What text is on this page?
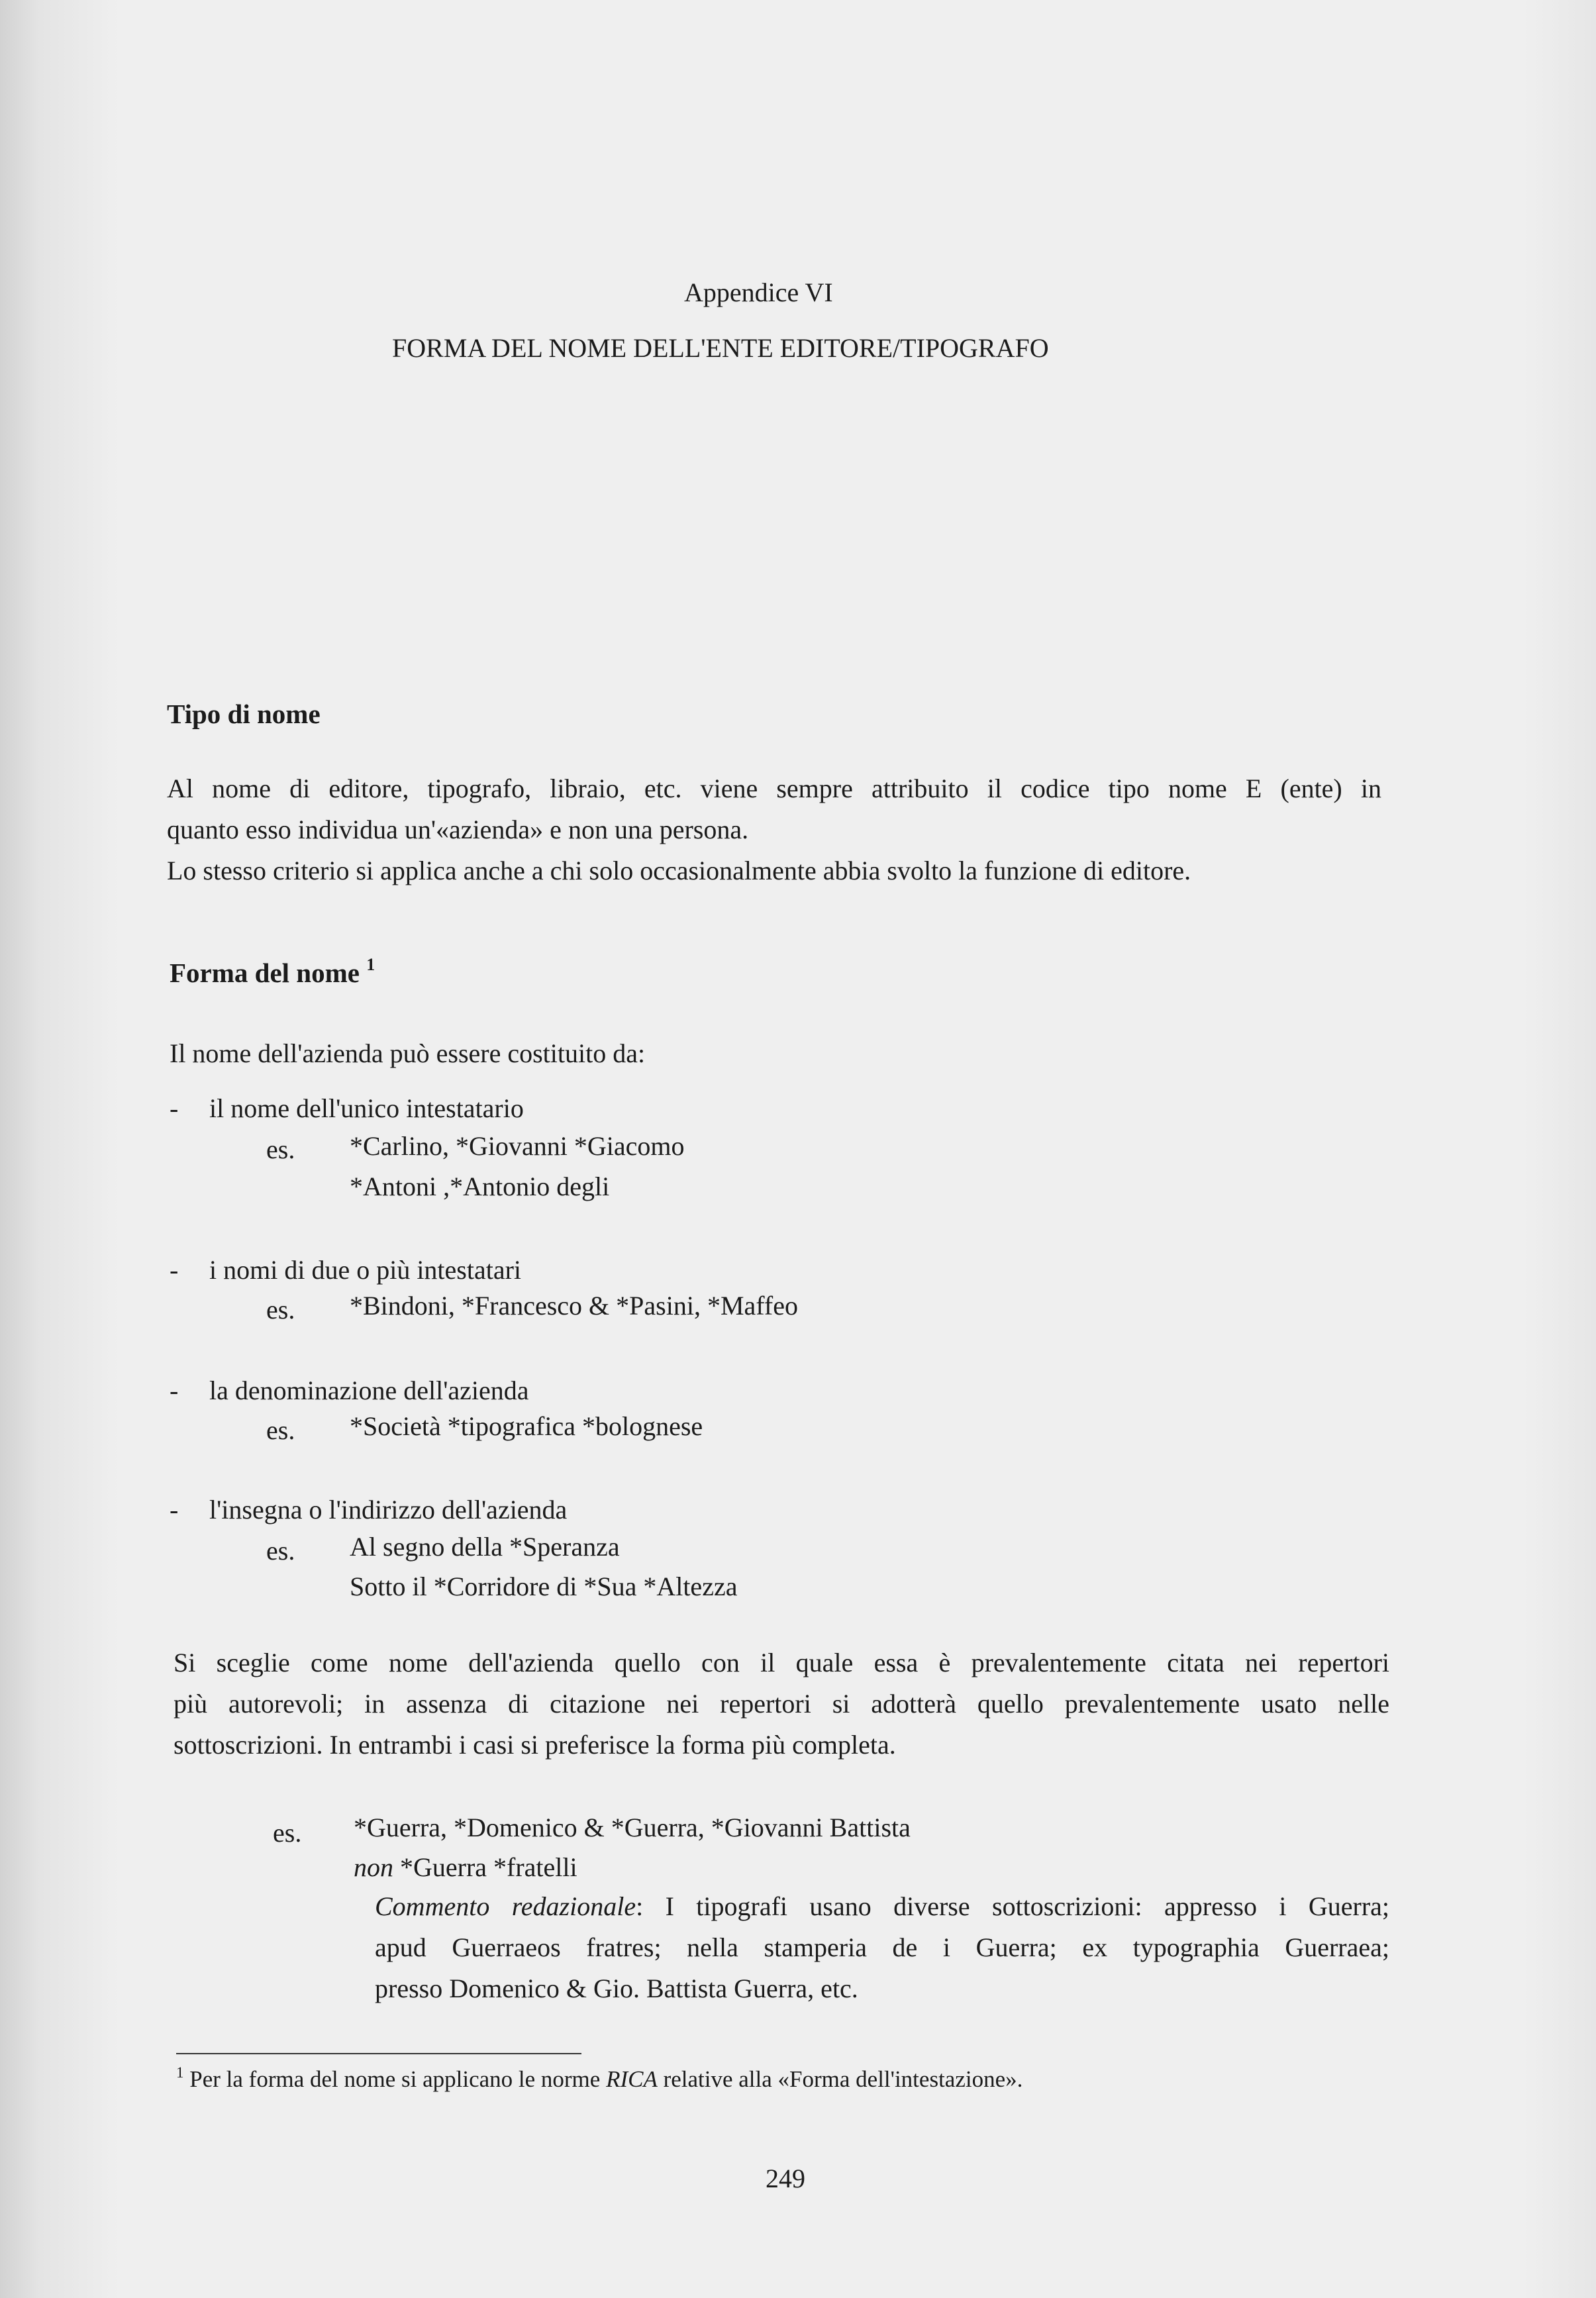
Appendice VI
FORMA DEL NOME DELL'ENTE EDITORE/TIPOGRAFO
Tipo di nome
Al nome di editore, tipografo, libraio, etc. viene sempre attribuito il codice tipo nome E (ente) in
quanto esso individua un'«azienda» e non una persona.
Lo stesso criterio si applica anche a chi solo occasionalmente abbia svolto la funzione di editore.
Forma del nome $^1$
Il nome dell'azienda può essere costituito da:
- il nome dell'unico intestatario
es. *Carlino, *Giovanni *Giacomo
*Antoni ,*Antonio degli
- i nomi di due o più intestatari
es. *Bindoni, *Francesco & *Pasini, *Maffeo
- la denominazione dell'azienda
es. *Società *tipografica *bolognese
- l'insegna o l'indirizzo dell'azienda
es. Al segno della *Speranza
Sotto il *Corridore di *Sua *Altezza
Si sceglie come nome dell'azienda quello con il quale essa è prevalentemente citata nei repertori
più autorevoli; in assenza di citazione nei repertori si adotterà quello prevalentemente usato nelle
sottoscrizioni. In entrambi i casi si preferisce la forma più completa.
es. *Guerra, *Domenico & *Guerra, *Giovanni Battista
non *Guerra *fratelli
Commento redazionale: I tipografi usano diverse sottoscrizioni: appresso i Guerra;
apud Guerraeos fratres; nella stamperia de i Guerra; ex typographia Guerraea;
presso Domenico & Gio. Battista Guerra, etc.
$^1$ Per la forma del nome si applicano le norme RICA relative alla «Forma dell'intestazione».
249
